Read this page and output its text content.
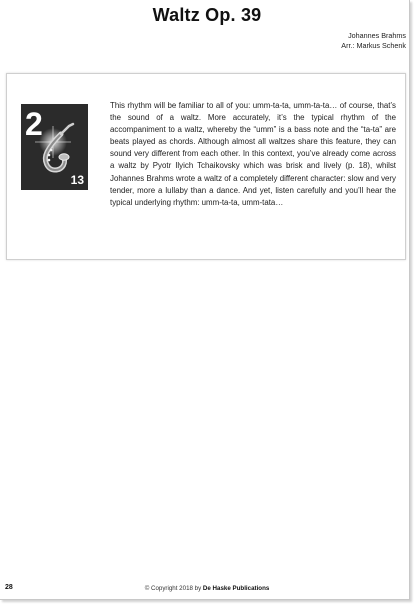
Waltz Op. 39
Johannes Brahms
Arr.: Markus Schenk
2
13

This rhythm will be familiar to all of you: umm-ta-ta, umm-ta-ta… of course, that’s the sound of a waltz. More accurately, it’s the typical rhythm of the accompaniment to a waltz, whereby the “umm” is a bass note and the “ta-ta” are beats played as chords. Although almost all waltzes share this feature, they can sound very different from each other. In this context, you’ve already come across a waltz by Pyotr Ilyich Tchaikovsky which was brisk and lively (p. 18), whilst Johannes Brahms wrote a waltz of a completely different character: slow and very tender, more a lullaby than a dance. And yet, listen carefully and you’ll hear the typical underlying rhythm: umm-ta-ta, umm-tata…

28	© Copyright 2018 by De Haske Publications
